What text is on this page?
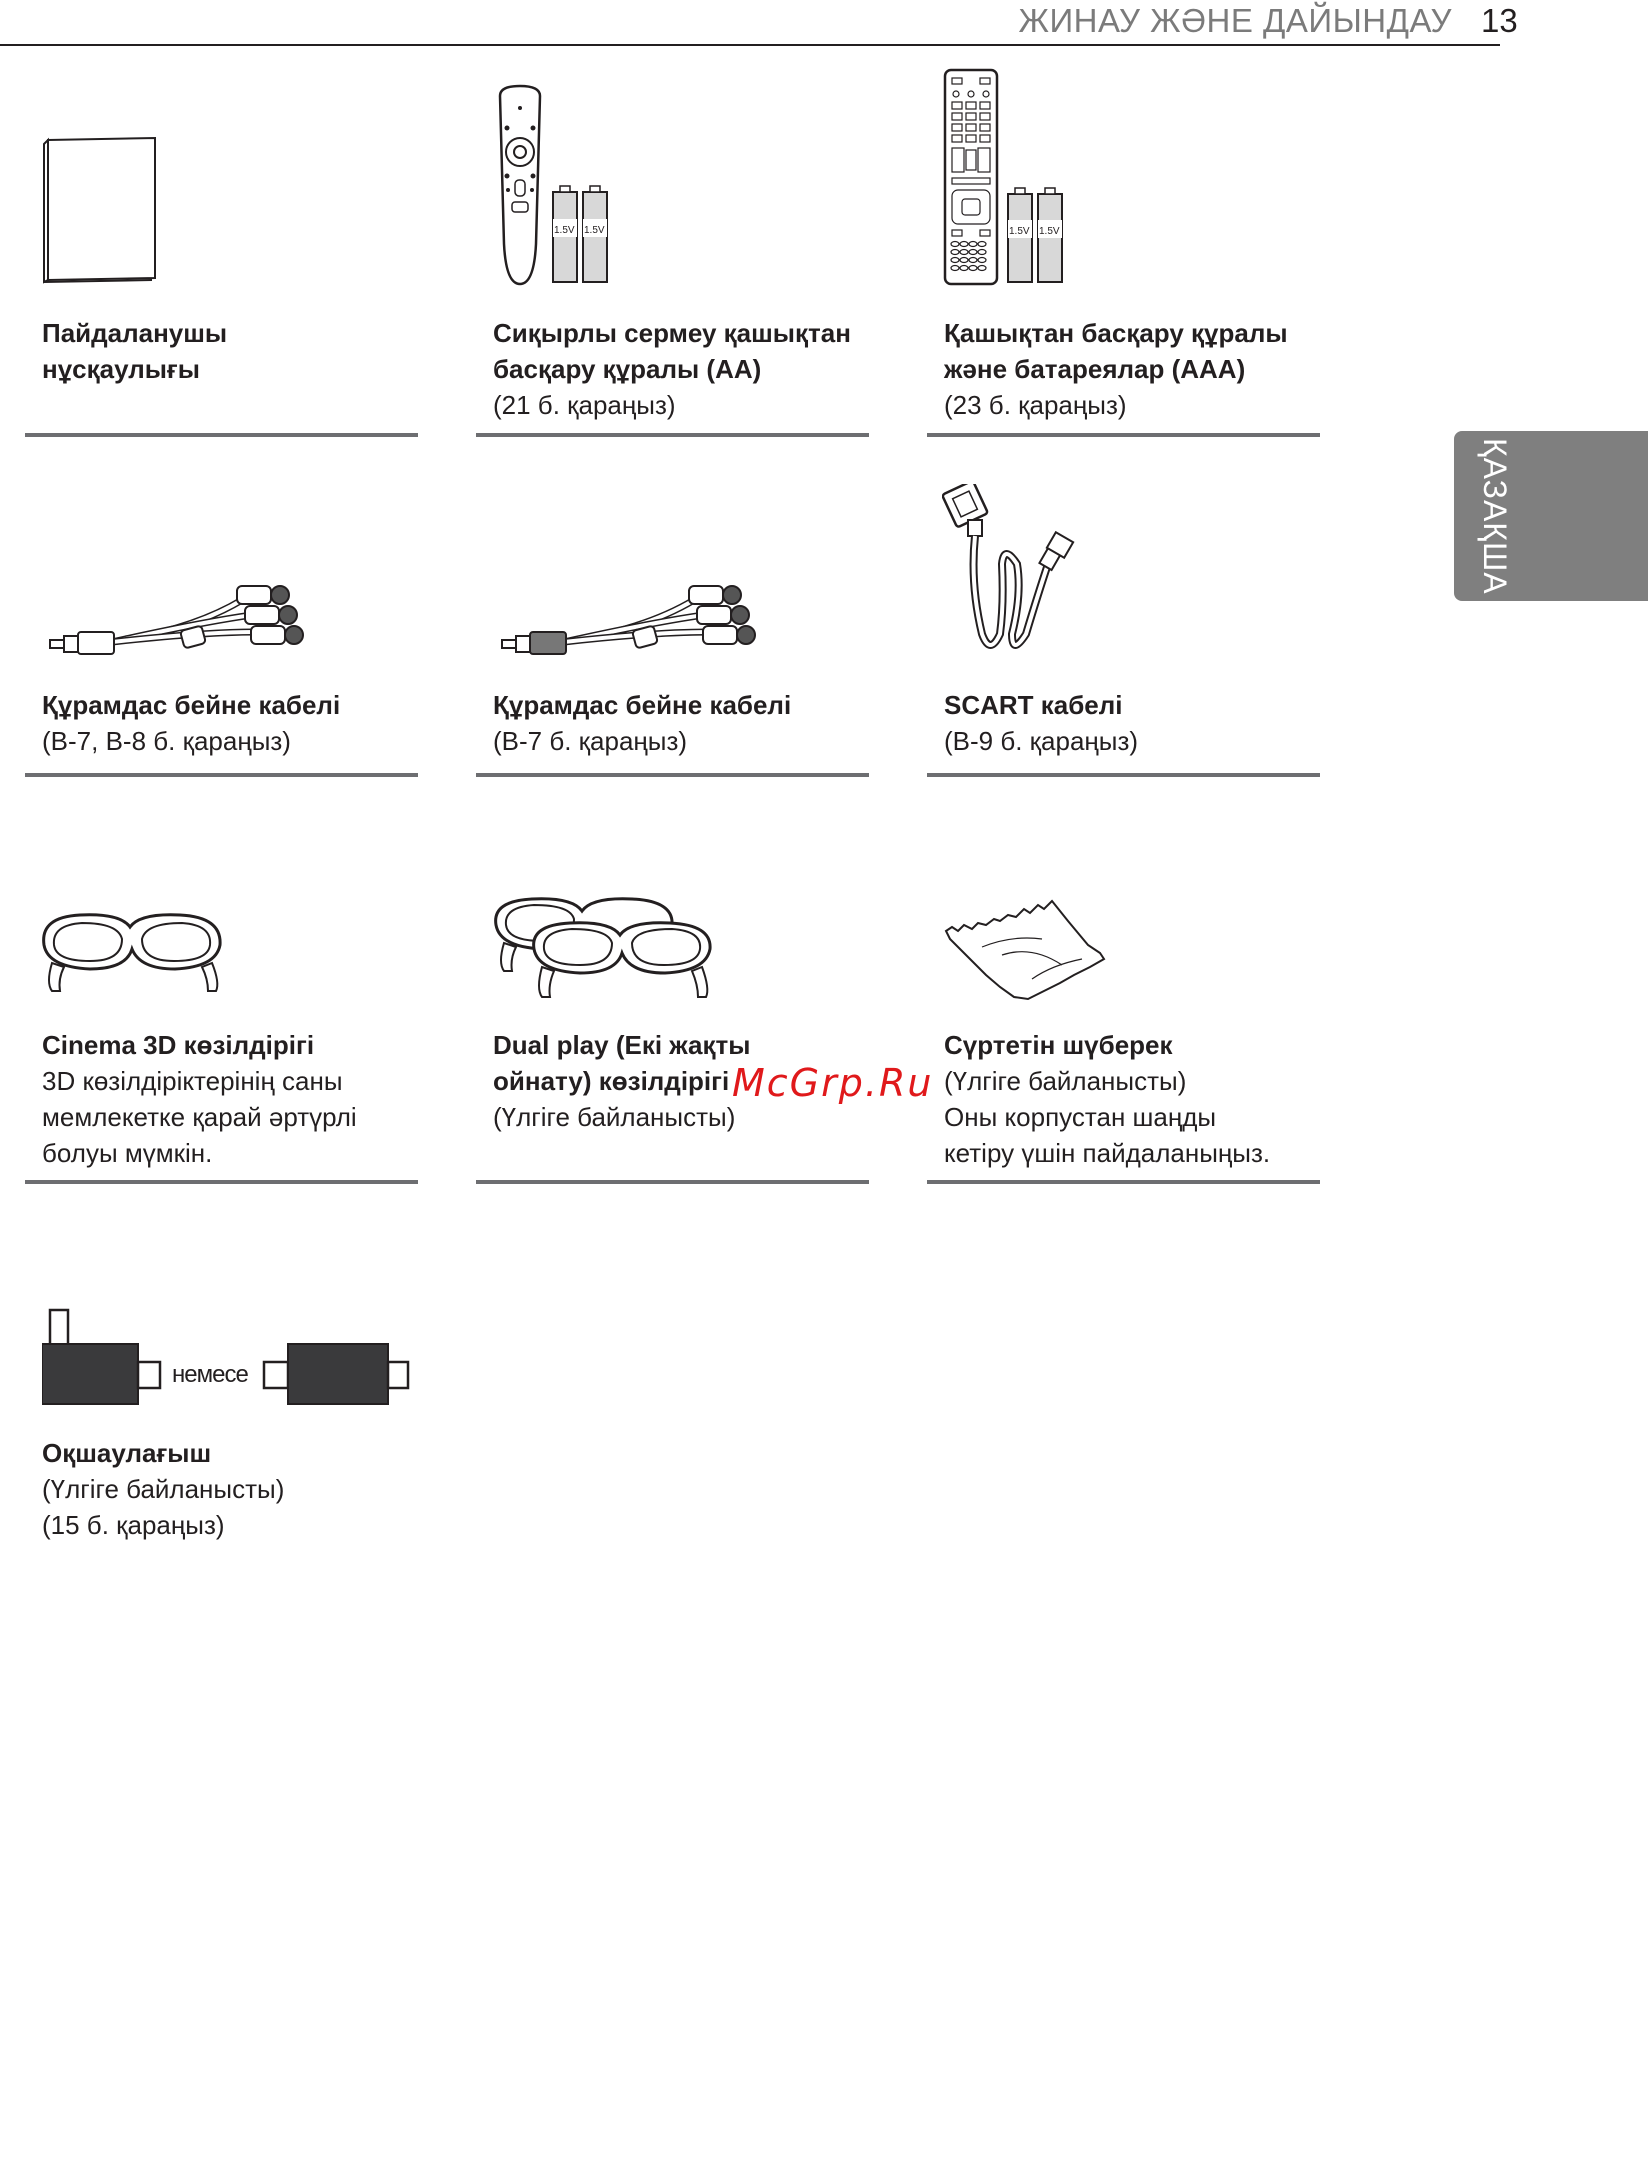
ЖИНАУ ЖӘНЕ ДАЙЫНДАУ 13
ҚАЗАҚША
Пайдаланушы
нұсқаулығы
1.5V 1.5V
Сиқырлы сермеу қашықтан
басқару құралы (AA)
(21 б. қараңыз)
1.5V 1.5V
Қашықтан басқару құралы
және батареялар (AAA)
(23 б. қараңыз)
Құрамдас бейне кабелі
(B-7, B-8 б. қараңыз)
Құрамдас бейне кабелі
(B-7 б. қараңыз)
SCART кабелі
(B-9 б. қараңыз)
Cinema 3D көзілдірігі
3D көзілдіріктерінің саны
мемлекетке қарай әртүрлі
болуы мүмкін.
Dual play (Екі жақты
ойнату) көзілдірігі
(Үлгіге байланысты)
Сүртетін шүберек
(Үлгіге байланысты)
Оны корпустан шаңды
кетіру үшін пайдаланыңыз.
немесе
Оқшаулағыш
(Үлгіге байланысты)
(15 б. қараңыз)
McGrp.Ru
